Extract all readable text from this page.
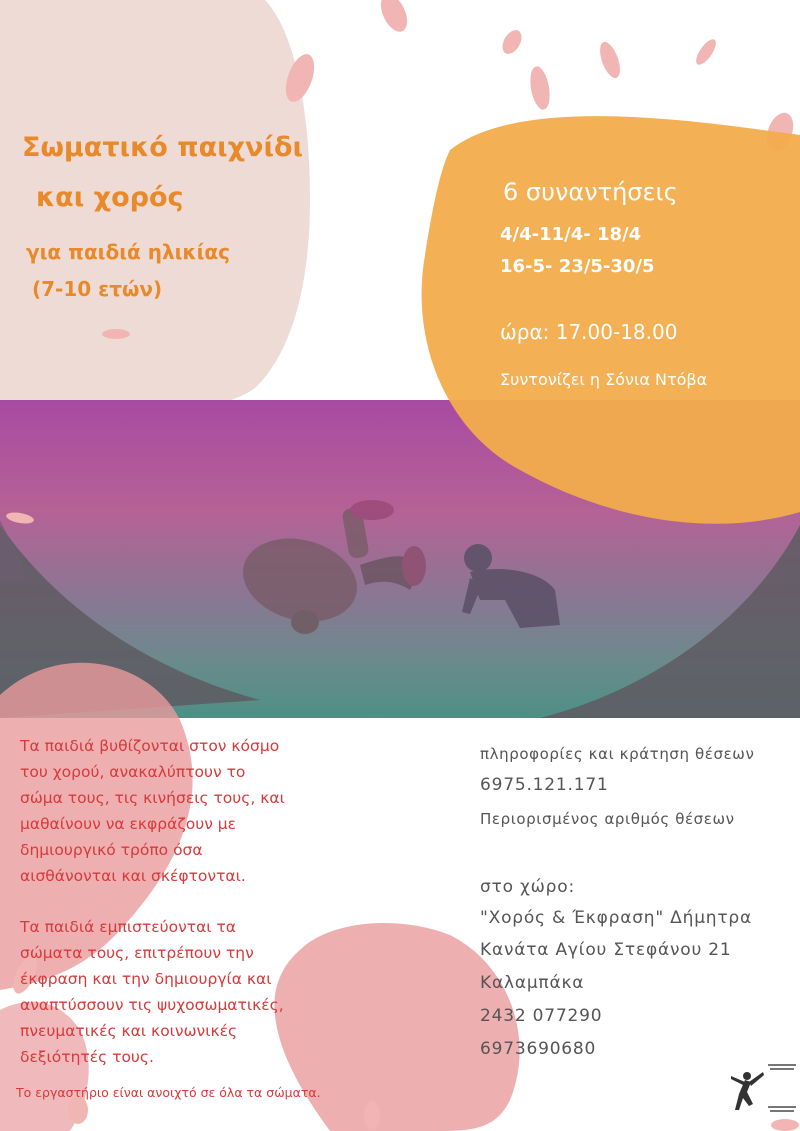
Σωματικό παιχνίδι
και χορός
για παιδιά ηλικίας
(7-10 ετών)
6 συναντήσεις
4/4-11/4- 18/4
16-5- 23/5-30/5
ώρα: 17.00-18.00
Συντονίζει η Σόνια Ντόβα
Τα παιδιά βυθίζονται στον κόσμο
του χορού, ανακαλύπτουν το
σώμα τους, τις κινήσεις τους, και
μαθαίνουν να εκφράζουν με
δημιουργικό τρόπο όσα
αισθάνονται και σκέφτονται.
Τα παιδιά εμπιστεύονται τα
σώματα τους, επιτρέπουν την
έκφραση και την δημιουργία και
αναπτύσσουν τις ψυχοσωματικές,
πνευματικές και κοινωνικές
δεξιότητές τους.
Το εργαστήριο είναι ανοιχτό σε όλα τα σώματα.
πληροφορίες και κράτηση θέσεων
6975.121.171
Περιορισμένος αριθμός θέσεων
στο χώρο:
"Χορός & Έκφραση" Δήμητρα
Κανάτα Αγίου Στεφάνου 21
Καλαμπάκα
2432 077290
6973690680
